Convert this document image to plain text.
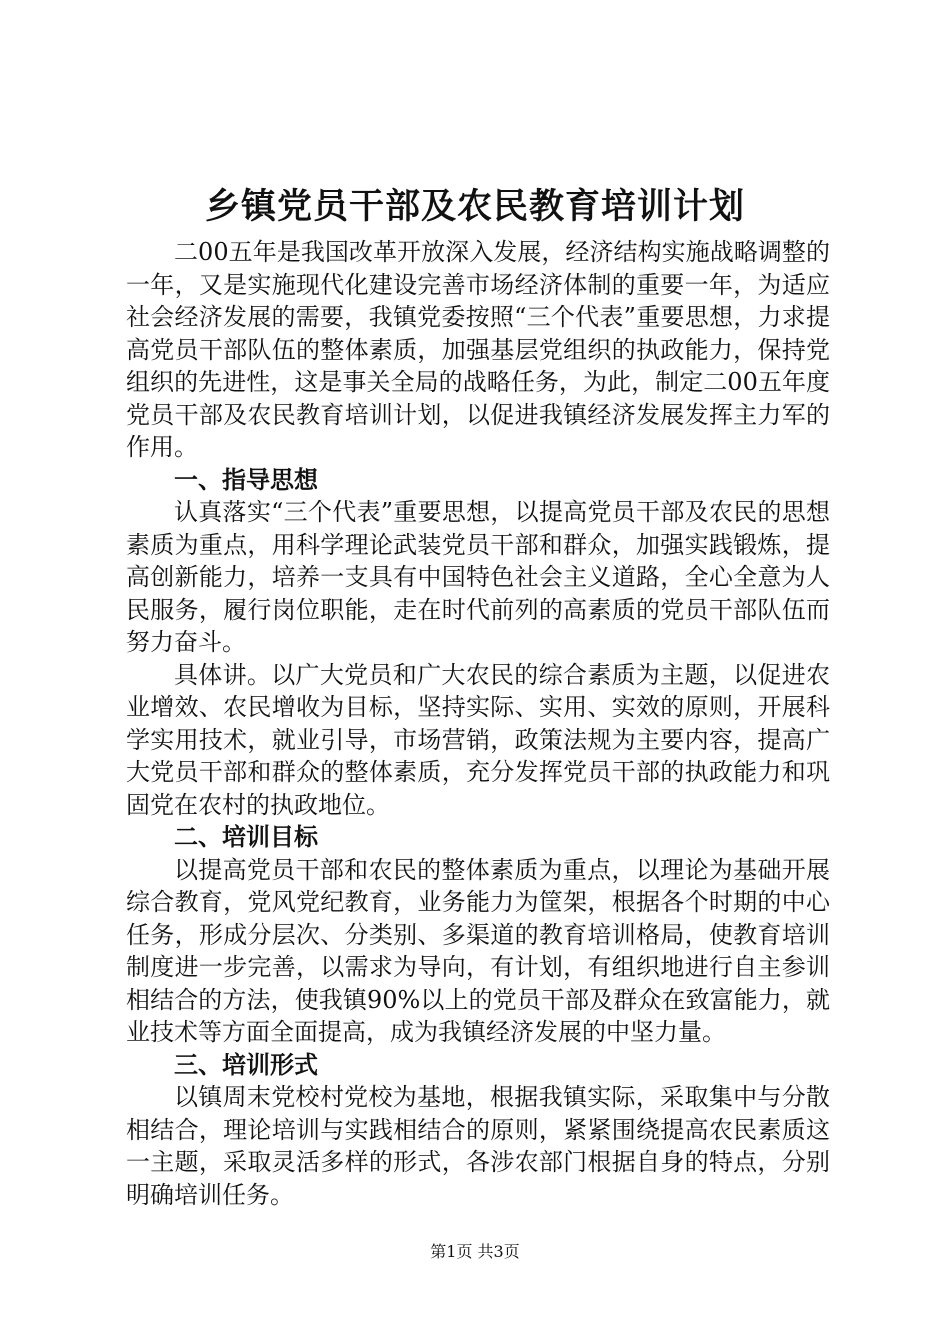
乡镇党员干部及农民教育培训计划

二00五年是我国改革开放深入发展，经济结构实施战略调整的一年，又是实施现代化建设完善市场经济体制的重要一年，为适应社会经济发展的需要，我镇党委按照“三个代表”重要思想，力求提高党员干部队伍的整体素质，加强基层党组织的执政能力，保持党组织的先进性，这是事关全局的战略任务，为此，制定二00五年度党员干部及农民教育培训计划，以促进我镇经济发展发挥主力军的作用。

一、指导思想

认真落实“三个代表”重要思想，以提高党员干部及农民的思想素质为重点，用科学理论武装党员干部和群众，加强实践锻炼，提高创新能力，培养一支具有中国特色社会主义道路，全心全意为人民服务，履行岗位职能，走在时代前列的高素质的党员干部队伍而努力奋斗。

具体讲。以广大党员和广大农民的综合素质为主题，以促进农业增效、农民增收为目标，坚持实际、实用、实效的原则，开展科学实用技术，就业引导，市场营销，政策法规为主要内容，提高广大党员干部和群众的整体素质，充分发挥党员干部的执政能力和巩固党在农村的执政地位。

二、培训目标

以提高党员干部和农民的整体素质为重点，以理论为基础开展综合教育，党风党纪教育，业务能力为筐架，根据各个时期的中心任务，形成分层次、分类别、多渠道的教育培训格局，使教育培训制度进一步完善，以需求为导向，有计划，有组织地进行自主参训相结合的方法，使我镇90%以上的党员干部及群众在致富能力，就业技术等方面全面提高，成为我镇经济发展的中坚力量。

三、培训形式

以镇周末党校村党校为基地，根据我镇实际，采取集中与分散相结合，理论培训与实践相结合的原则，紧紧围绕提高农民素质这一主题，采取灵活多样的形式，各涉农部门根据自身的特点，分别明确培训任务。

第1页 共3页
